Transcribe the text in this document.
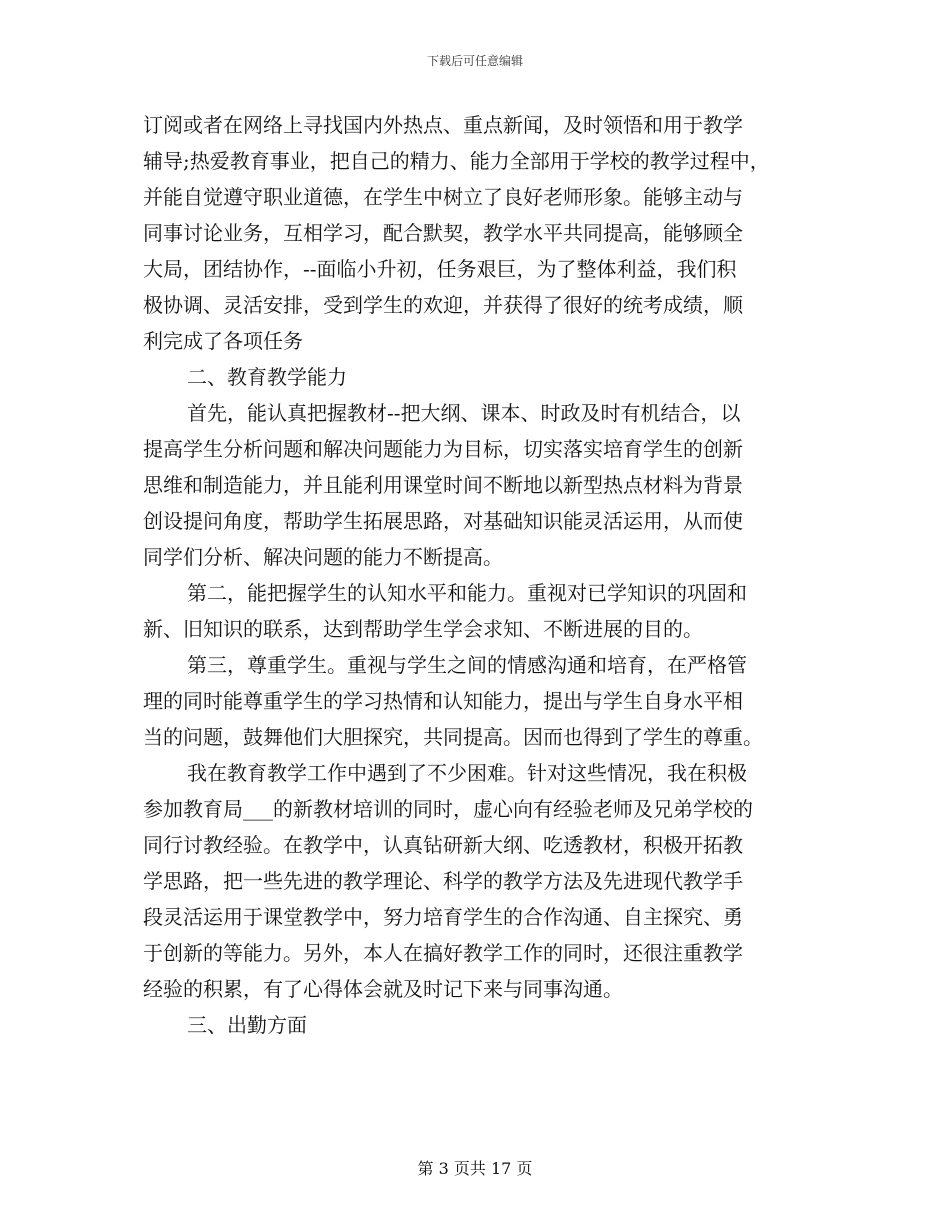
下载后可任意编辑
订阅或者在网络上寻找国内外热点、重点新闻，及时领悟和用于教学
辅导;热爱教育事业，把自己的精力、能力全部用于学校的教学过程中，
并能自觉遵守职业道德，在学生中树立了良好老师形象。能够主动与
同事讨论业务，互相学习，配合默契，教学水平共同提高，能够顾全
大局，团结协作，--面临小升初，任务艰巨，为了整体利益，我们积
极协调、灵活安排，受到学生的欢迎，并获得了很好的统考成绩，顺
利完成了各项任务
二、教育教学能力
首先，能认真把握教材--把大纲、课本、时政及时有机结合，以
提高学生分析问题和解决问题能力为目标，切实落实培育学生的创新
思维和制造能力，并且能利用课堂时间不断地以新型热点材料为背景
创设提问角度，帮助学生拓展思路，对基础知识能灵活运用，从而使
同学们分析、解决问题的能力不断提高。
第二，能把握学生的认知水平和能力。重视对已学知识的巩固和
新、旧知识的联系，达到帮助学生学会求知、不断进展的目的。
第三，尊重学生。重视与学生之间的情感沟通和培育，在严格管
理的同时能尊重学生的学习热情和认知能力，提出与学生自身水平相
当的问题，鼓舞他们大胆探究，共同提高。因而也得到了学生的尊重。
我在教育教学工作中遇到了不少困难。针对这些情况，我在积极
参加教育局___的新教材培训的同时，虚心向有经验老师及兄弟学校的
同行讨教经验。在教学中，认真钻研新大纲、吃透教材，积极开拓教
学思路，把一些先进的教学理论、科学的教学方法及先进现代教学手
段灵活运用于课堂教学中，努力培育学生的合作沟通、自主探究、勇
于创新的等能力。另外，本人在搞好教学工作的同时，还很注重教学
经验的积累，有了心得体会就及时记下来与同事沟通。
三、出勤方面
第 3 页共 17 页
